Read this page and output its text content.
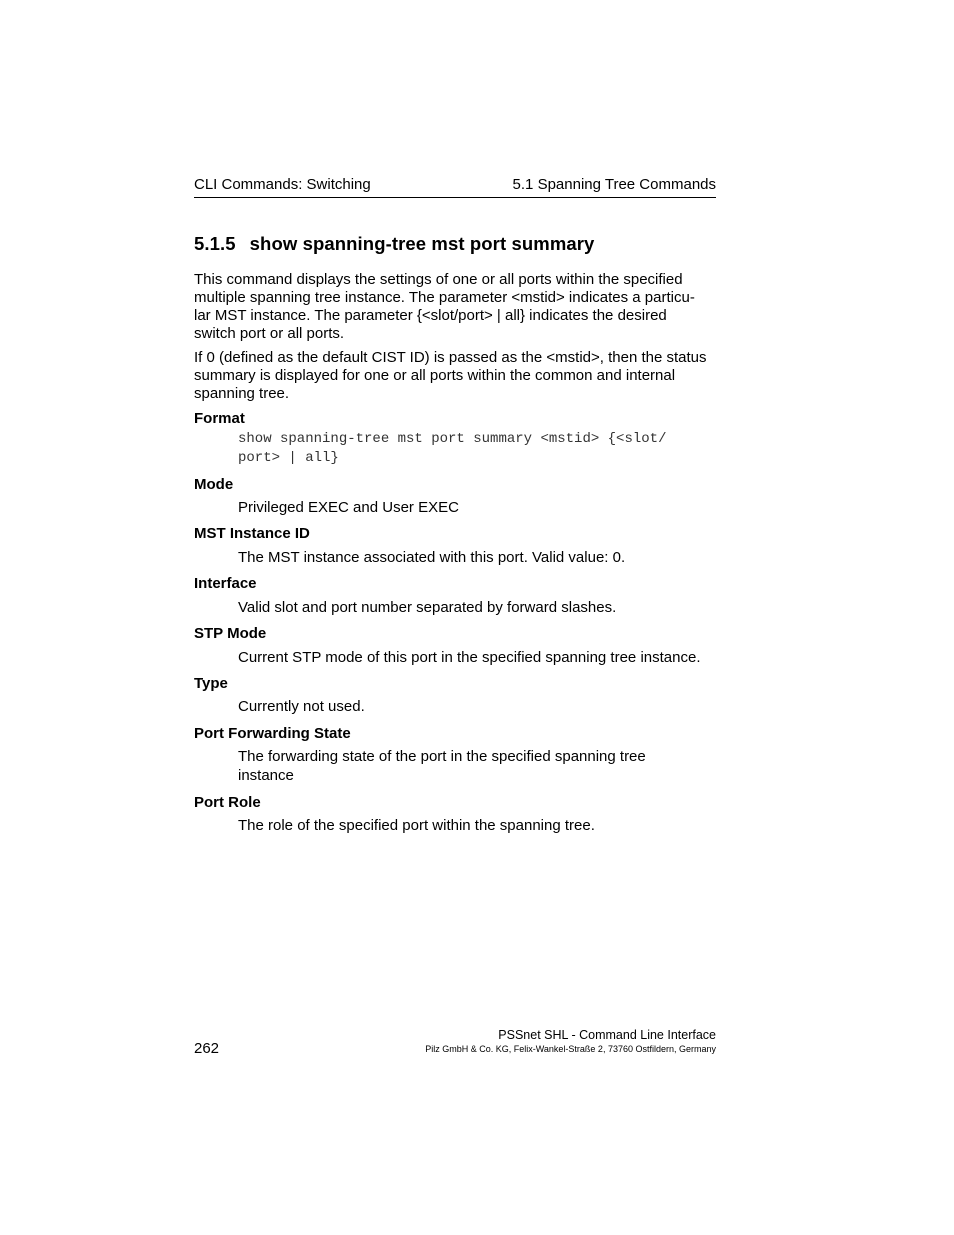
CLI Commands: Switching	5.1 Spanning Tree Commands
5.1.5 show spanning-tree mst port summary

This command displays the settings of one or all ports within the specified
multiple spanning tree instance. The parameter <mstid> indicates a particu-
lar MST instance. The parameter {<slot/port> | all} indicates the desired
switch port or all ports.

If 0 (defined as the default CIST ID) is passed as the <mstid>, then the status
summary is displayed for one or all ports within the common and internal
spanning tree.

Format

show spanning-tree mst port summary <mstid> {<slot/
port> | all}

Mode

Privileged EXEC and User EXEC

MST Instance ID

The MST instance associated with this port. Valid value: 0.

Interface

Valid slot and port number separated by forward slashes.

STP Mode

Current STP mode of this port in the specified spanning tree instance.

Type

Currently not used.

Port Forwarding State

The forwarding state of the port in the specified spanning tree
instance

Port Role

The role of the specified port within the spanning tree.

262
PSSnet SHL - Command Line Interface
Pilz GmbH & Co. KG, Felix-Wankel-Straße 2, 73760 Ostfildern, Germany
